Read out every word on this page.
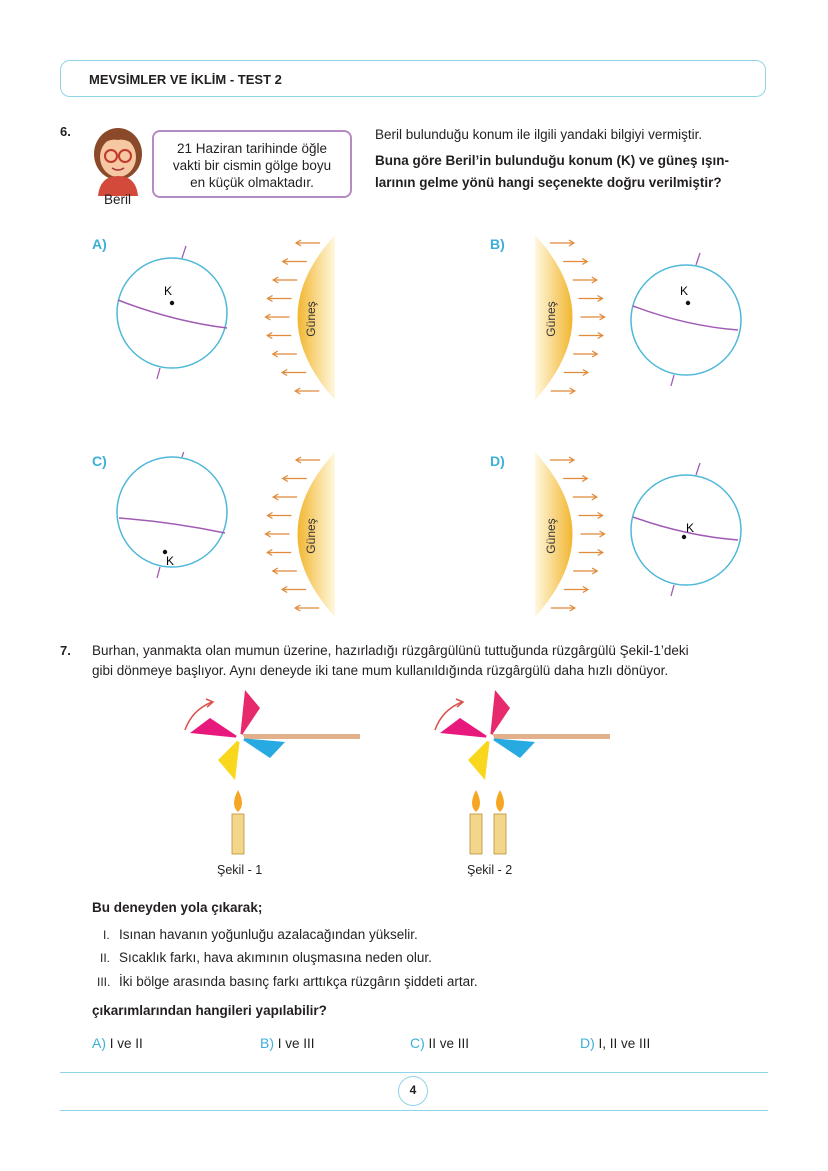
MEVSİMLER VE İKLİM - TEST 2
6.
Beril
21 Haziran tarihinde öğle
vakti bir cismin gölge boyu
en küçük olmaktadır.
Beril bulunduğu konum ile ilgili yandaki bilgiyi vermiştir.
Buna göre Beril’in bulunduğu konum (K) ve güneş ışın-
larının gelme yönü hangi seçenekte doğru verilmiştir?
A)	B)
C)	D)
Güneş
K
Güneş
K
Güneş
K
Güneş	K
7. Burhan, yanmakta olan mumun üzerine, hazırladığı rüzgârgülünü tuttuğunda rüzgârgülü Şekil-1’deki
gibi dönmeye başlıyor. Aynı deneyde iki tane mum kullanıldığında rüzgârgülü daha hızlı dönüyor.
Şekil - 1	Şekil - 2
Bu deneyden yola çıkarak;
I. Isınan havanın yoğunluğu azalacağından yükselir.
II. Sıcaklık farkı, hava akımının oluşmasına neden olur.
III. İki bölge arasında basınç farkı arttıkça rüzgârın şiddeti artar.
çıkarımlarından hangileri yapılabilir?
A) I ve II	B) I ve III	C) II ve III	D) I, II ve III
4
